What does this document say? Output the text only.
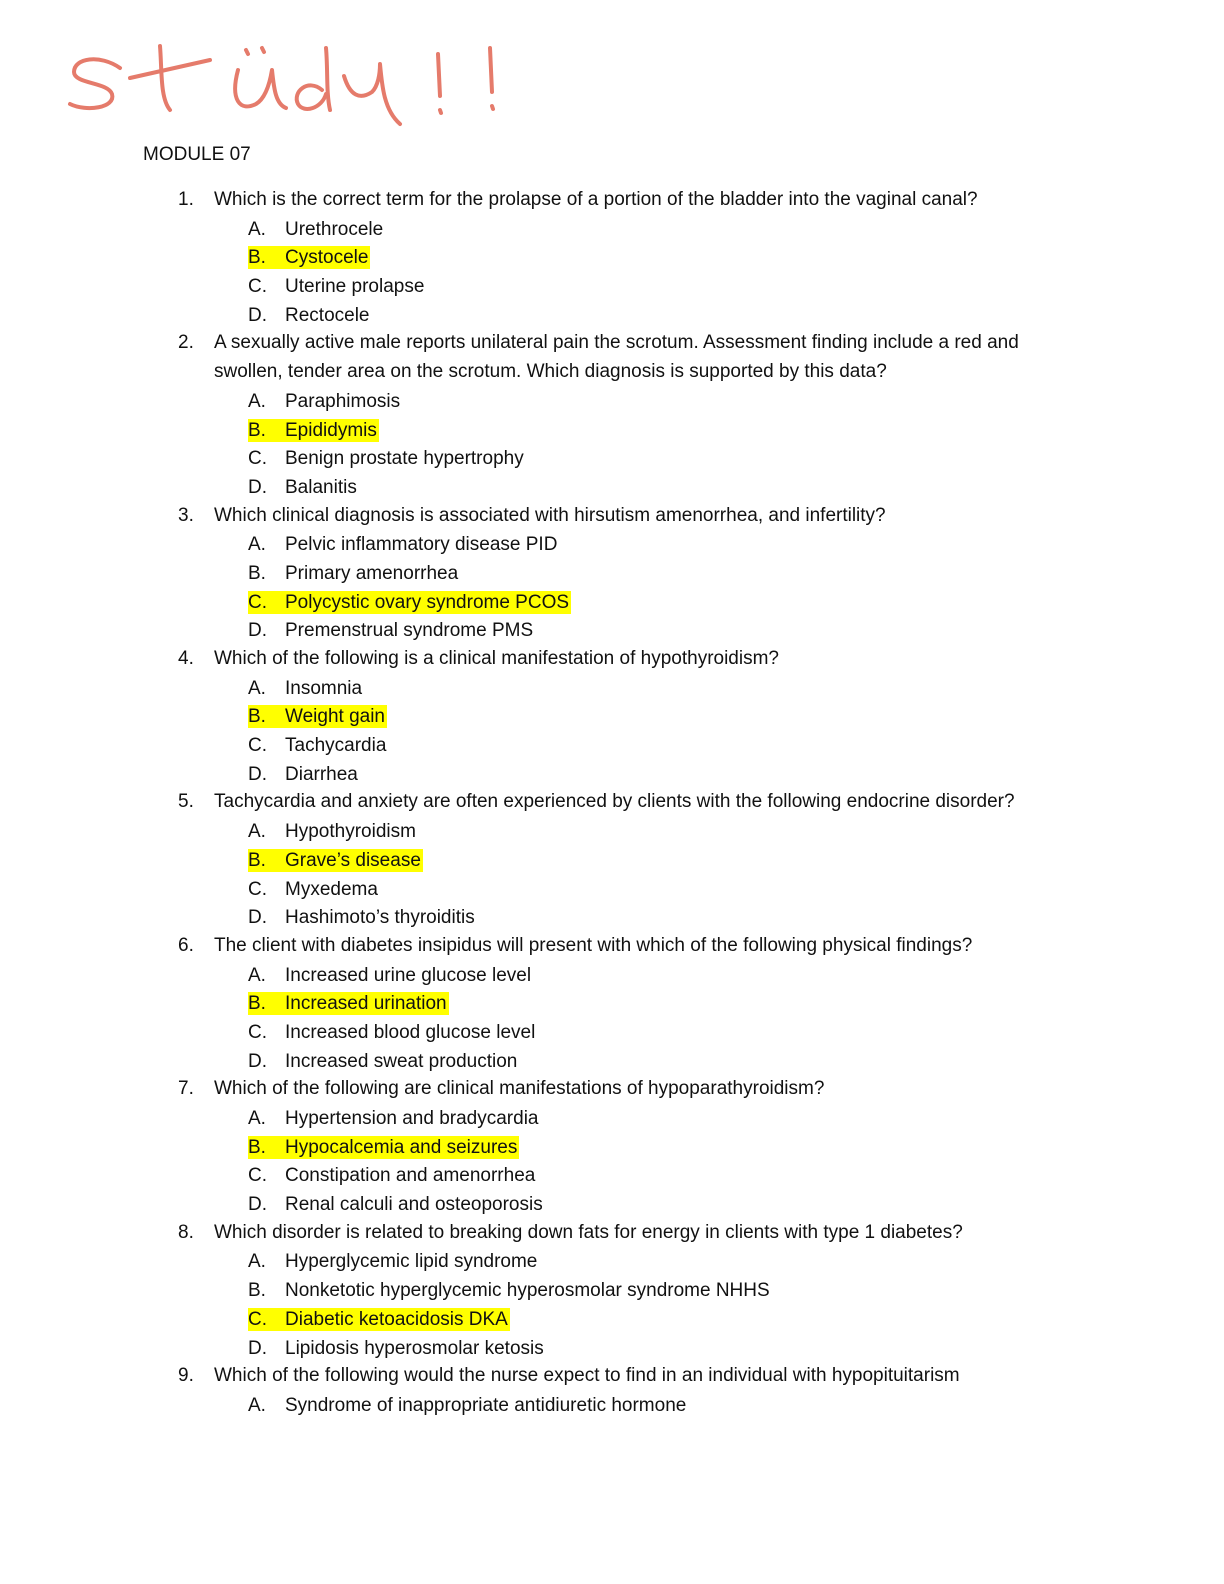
MODULE 07
1. Which is the correct term for the prolapse of a portion of the bladder into the vaginal canal?
A.	Urethrocele
B.	Cystocele
C. Uterine prolapse
D. Rectocele
2. A sexually active male reports unilateral pain the scrotum. Assessment finding include a red and
swollen, tender area on the scrotum. Which diagnosis is supported by this data?
A.	Paraphimosis
B.	Epididymis
C. Benign prostate hypertrophy
D. Balanitis
3. Which clinical diagnosis is associated with hirsutism amenorrhea, and infertility?
A.	Pelvic inflammatory disease PID
B.	Primary amenorrhea
C. Polycystic ovary syndrome PCOS
D. Premenstrual syndrome PMS
4. Which of the following is a clinical manifestation of hypothyroidism?
A.	Insomnia
B.	Weight gain
C. Tachycardia
D. Diarrhea
5. Tachycardia and anxiety are often experienced by clients with the following endocrine disorder?
A.	Hypothyroidism
B.	Grave’s disease
C. Myxedema
D. Hashimoto’s thyroiditis
6. The client with diabetes insipidus will present with which of the following physical findings?
A.	Increased urine glucose level
B.	Increased urination
C. Increased blood glucose level
D. Increased sweat production
7. Which of the following are clinical manifestations of hypoparathyroidism?
A.	Hypertension and bradycardia
B.	Hypocalcemia and seizures
C. Constipation and amenorrhea
D. Renal calculi and osteoporosis
8. Which disorder is related to breaking down fats for energy in clients with type 1 diabetes?
A.	Hyperglycemic lipid syndrome
B.	Nonketotic hyperglycemic hyperosmolar syndrome NHHS
C. Diabetic ketoacidosis DKA
D. Lipidosis hyperosmolar ketosis
9. Which of the following would the nurse expect to find in an individual with hypopituitarism
A.	Syndrome of inappropriate antidiuretic hormone
